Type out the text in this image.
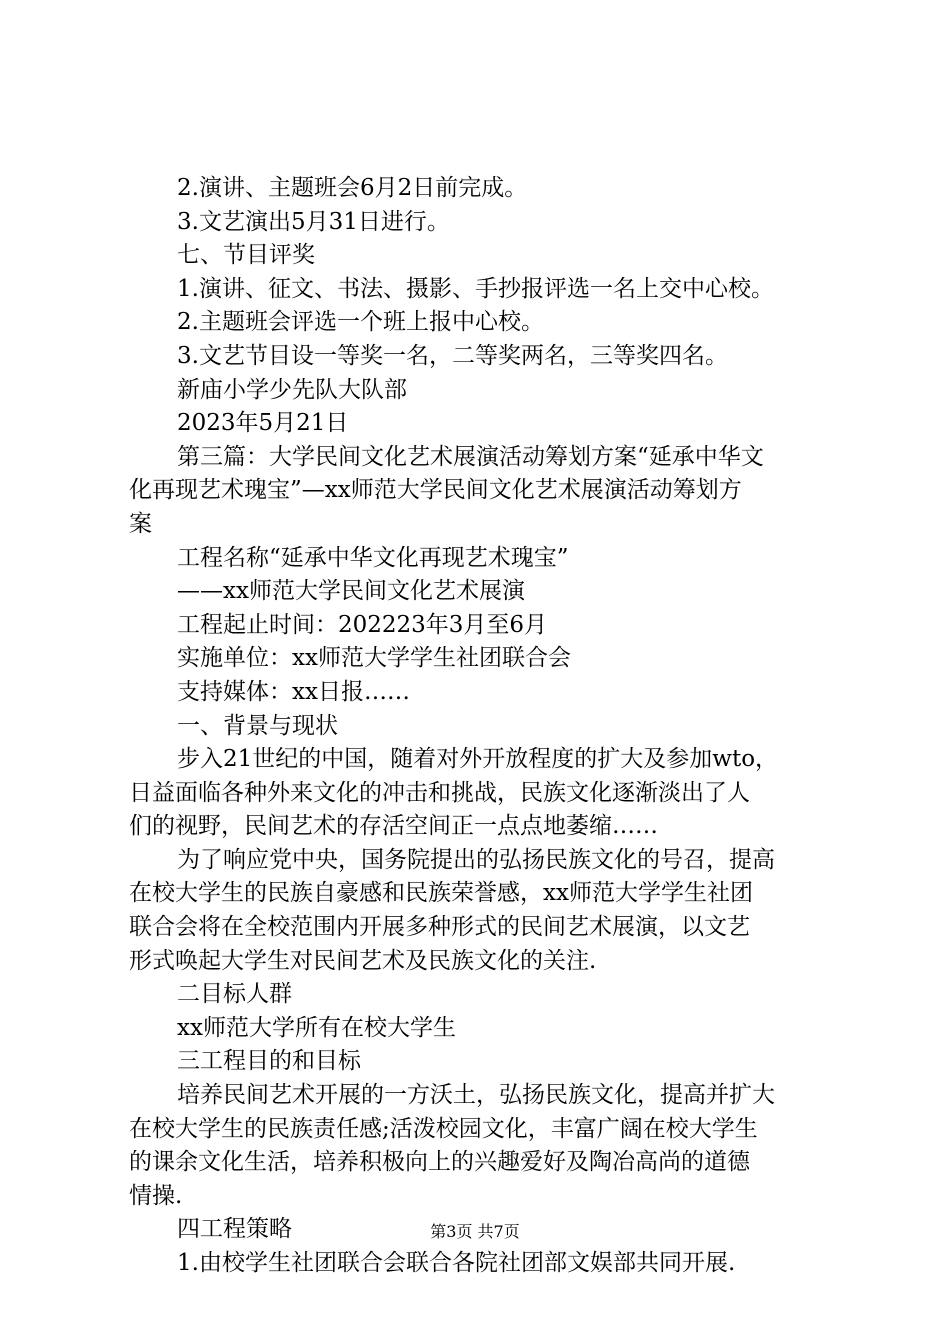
2.演讲、主题班会6月2日前完成。
3.文艺演出5月31日进行。
七、节目评奖
1.演讲、征文、书法、摄影、手抄报评选一名上交中心校。
2.主题班会评选一个班上报中心校。
3.文艺节目设一等奖一名，二等奖两名，三等奖四名。
新庙小学少先队大队部
2023年5月21日
第三篇：大学民间文化艺术展演活动筹划方案“延承中华文
化再现艺术瑰宝”—xx师范大学民间文化艺术展演活动筹划方
案
工程名称“延承中华文化再现艺术瑰宝”
——xx师范大学民间文化艺术展演
工程起止时间：202223年3月至6月
实施单位：xx师范大学学生社团联合会
支持媒体：xx日报……
一、背景与现状
步入21世纪的中国，随着对外开放程度的扩大及参加wto，
日益面临各种外来文化的冲击和挑战，民族文化逐渐淡出了人
们的视野，民间艺术的存活空间正一点点地萎缩……
为了响应党中央，国务院提出的弘扬民族文化的号召，提高
在校大学生的民族自豪感和民族荣誉感，xx师范大学学生社团
联合会将在全校范围内开展多种形式的民间艺术展演，以文艺
形式唤起大学生对民间艺术及民族文化的关注.
二目标人群
xx师范大学所有在校大学生
三工程目的和目标
培养民间艺术开展的一方沃土，弘扬民族文化，提高并扩大
在校大学生的民族责任感;活泼校园文化，丰富广阔在校大学生
的课余文化生活，培养积极向上的兴趣爱好及陶冶高尚的道德
情操.
四工程策略
1.由校学生社团联合会联合各院社团部文娱部共同开展.
第3页 共7页
